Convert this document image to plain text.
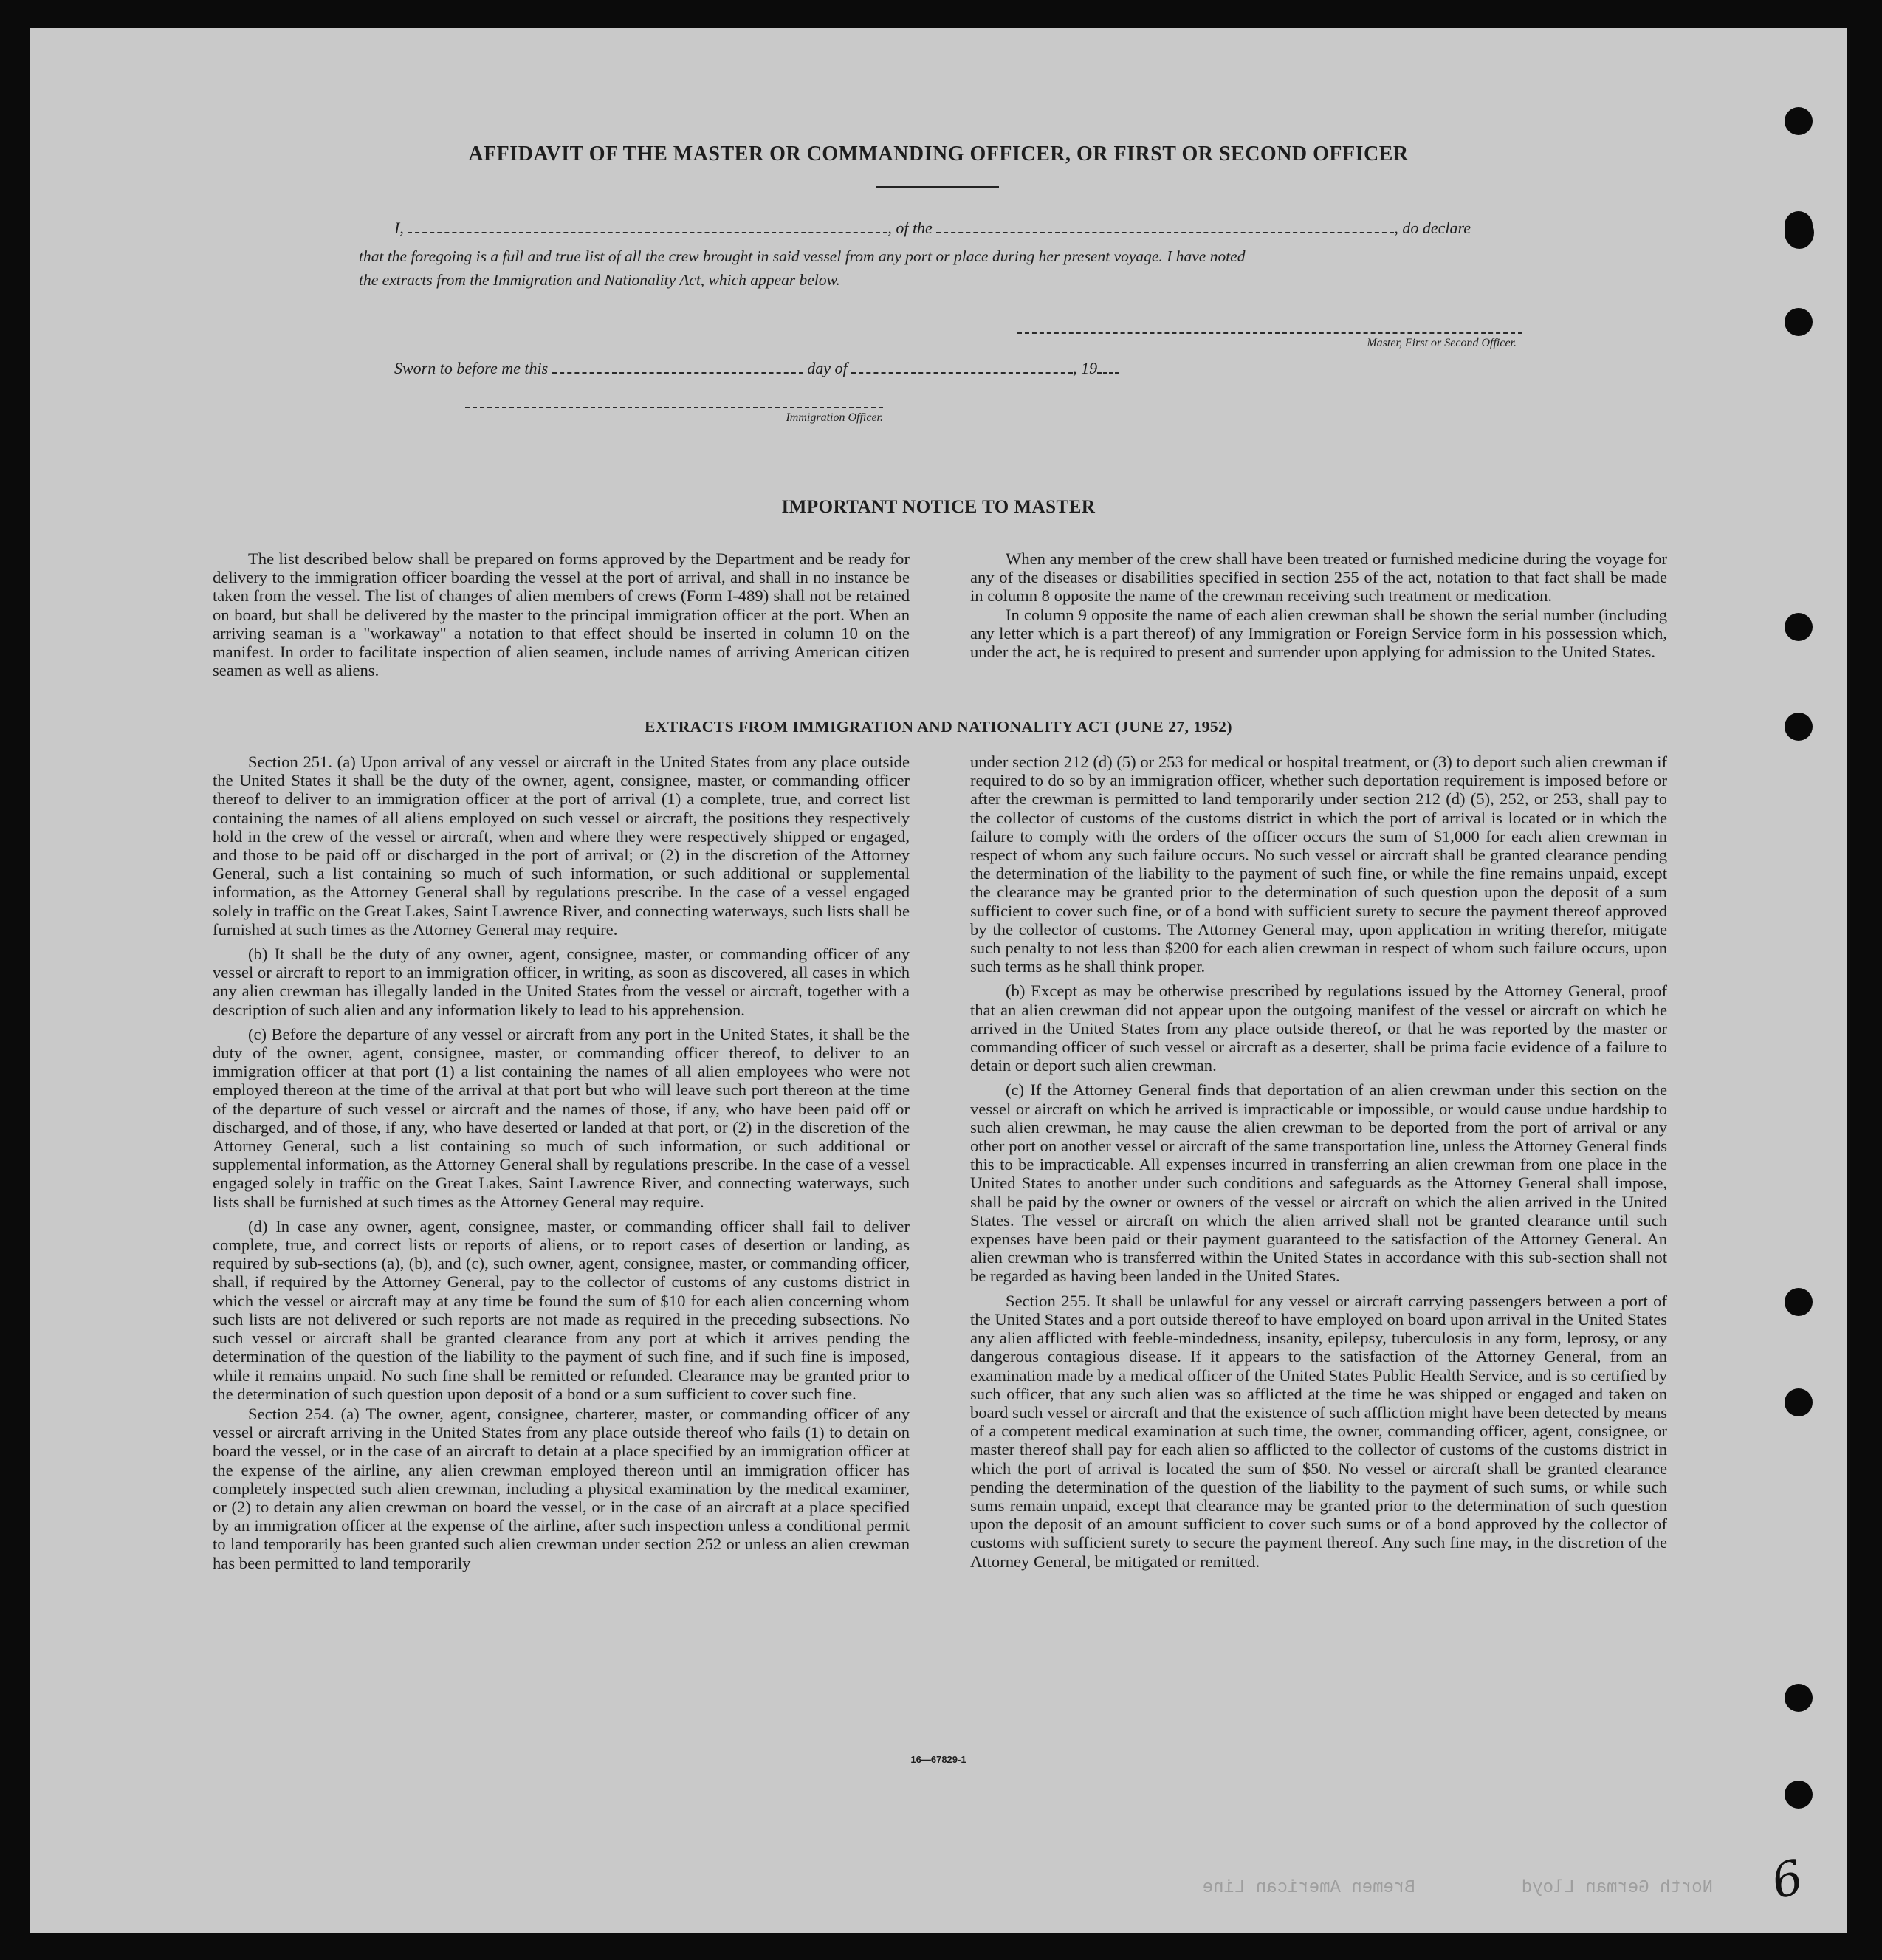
AFFIDAVIT OF THE MASTER OR COMMANDING OFFICER, OR FIRST OR SECOND OFFICER
I,	, of the	, do declare
that the foregoing is a full and true list of all the crew brought in said vessel from any port or place during her present voyage. I have noted
the extracts from the Immigration and Nationality Act, which appear below.
Master, First or Second Officer.
Sworn to before me this	day of	, 19
Immigration Officer.
IMPORTANT NOTICE TO MASTER

The list described below shall be prepared on forms approved by the Department and be ready for delivery to the immigration officer boarding the vessel at the port of arrival, and shall in no instance be taken from the vessel. The list of changes of alien members of crews (Form I-489) shall not be retained on board, but shall be delivered by the master to the principal immigration officer at the port. When an arriving seaman is a "workaway" a notation to that effect should be inserted in column 10 on the manifest. In order to facilitate inspection of alien seamen, include names of arriving American citizen seamen as well as aliens.

When any member of the crew shall have been treated or furnished medicine during the voyage for any of the diseases or disabilities specified in section 255 of the act, notation to that fact shall be made in column 8 opposite the name of the crewman receiving such treatment or medication.

In column 9 opposite the name of each alien crewman shall be shown the serial number (including any letter which is a part thereof) of any Immigration or Foreign Service form in his possession which, under the act, he is required to present and surrender upon applying for admission to the United States.

EXTRACTS FROM IMMIGRATION AND NATIONALITY ACT (JUNE 27, 1952)

Section 251. (a) Upon arrival of any vessel or aircraft in the United States from any place outside the United States it shall be the duty of the owner, agent, consignee, master, or commanding officer thereof to deliver to an immigration officer at the port of arrival (1) a complete, true, and correct list containing the names of all aliens employed on such vessel or aircraft, the positions they respectively hold in the crew of the vessel or aircraft, when and where they were respectively shipped or engaged, and those to be paid off or discharged in the port of arrival; or (2) in the discretion of the Attorney General, such a list containing so much of such information, or such additional or supplemental information, as the Attorney General shall by regulations prescribe. In the case of a vessel engaged solely in traffic on the Great Lakes, Saint Lawrence River, and connecting waterways, such lists shall be furnished at such times as the Attorney General may require.

(b) It shall be the duty of any owner, agent, consignee, master, or commanding officer of any vessel or aircraft to report to an immigration officer, in writing, as soon as discovered, all cases in which any alien crewman has illegally landed in the United States from the vessel or aircraft, together with a description of such alien and any information likely to lead to his apprehension.

(c) Before the departure of any vessel or aircraft from any port in the United States, it shall be the duty of the owner, agent, consignee, master, or commanding officer thereof, to deliver to an immigration officer at that port (1) a list containing the names of all alien employees who were not employed thereon at the time of the arrival at that port but who will leave such port thereon at the time of the departure of such vessel or aircraft and the names of those, if any, who have been paid off or discharged, and of those, if any, who have deserted or landed at that port, or (2) in the discretion of the Attorney General, such a list containing so much of such information, or such additional or supplemental information, as the Attorney General shall by regulations prescribe. In the case of a vessel engaged solely in traffic on the Great Lakes, Saint Lawrence River, and connecting waterways, such lists shall be furnished at such times as the Attorney General may require.

(d) In case any owner, agent, consignee, master, or commanding officer shall fail to deliver complete, true, and correct lists or reports of aliens, or to report cases of desertion or landing, as required by sub-sections (a), (b), and (c), such owner, agent, consignee, master, or commanding officer, shall, if required by the Attorney General, pay to the collector of customs of any customs district in which the vessel or aircraft may at any time be found the sum of $10 for each alien concerning whom such lists are not delivered or such reports are not made as required in the preceding subsections. No such vessel or aircraft shall be granted clearance from any port at which it arrives pending the determination of the question of the liability to the payment of such fine, and if such fine is imposed, while it remains unpaid. No such fine shall be remitted or refunded. Clearance may be granted prior to the determination of such question upon deposit of a bond or a sum sufficient to cover such fine.

Section 254. (a) The owner, agent, consignee, charterer, master, or commanding officer of any vessel or aircraft arriving in the United States from any place outside thereof who fails (1) to detain on board the vessel, or in the case of an aircraft to detain at a place specified by an immigration officer at the expense of the airline, any alien crewman employed thereon until an immigration officer has completely inspected such alien crewman, including a physical examination by the medical examiner, or (2) to detain any alien crewman on board the vessel, or in the case of an aircraft at a place specified by an immigration officer at the expense of the airline, after such inspection unless a conditional permit to land temporarily has been granted such alien crewman under section 252 or unless an alien crewman has been permitted to land temporarily

under section 212 (d) (5) or 253 for medical or hospital treatment, or (3) to deport such alien crewman if required to do so by an immigration officer, whether such deportation requirement is imposed before or after the crewman is permitted to land temporarily under section 212 (d) (5), 252, or 253, shall pay to the collector of customs of the customs district in which the port of arrival is located or in which the failure to comply with the orders of the officer occurs the sum of $1,000 for each alien crewman in respect of whom any such failure occurs. No such vessel or aircraft shall be granted clearance pending the determination of the liability to the payment of such fine, or while the fine remains unpaid, except the clearance may be granted prior to the determination of such question upon the deposit of a sum sufficient to cover such fine, or of a bond with sufficient surety to secure the payment thereof approved by the collector of customs. The Attorney General may, upon application in writing therefor, mitigate such penalty to not less than $200 for each alien crewman in respect of whom such failure occurs, upon such terms as he shall think proper.

(b) Except as may be otherwise prescribed by regulations issued by the Attorney General, proof that an alien crewman did not appear upon the outgoing manifest of the vessel or aircraft on which he arrived in the United States from any place outside thereof, or that he was reported by the master or commanding officer of such vessel or aircraft as a deserter, shall be prima facie evidence of a failure to detain or deport such alien crewman.

(c) If the Attorney General finds that deportation of an alien crewman under this section on the vessel or aircraft on which he arrived is impracticable or impossible, or would cause undue hardship to such alien crewman, he may cause the alien crewman to be deported from the port of arrival or any other port on another vessel or aircraft of the same transportation line, unless the Attorney General finds this to be impracticable. All expenses incurred in transferring an alien crewman from one place in the United States to another under such conditions and safeguards as the Attorney General shall impose, shall be paid by the owner or owners of the vessel or aircraft on which the alien arrived in the United States. The vessel or aircraft on which the alien arrived shall not be granted clearance until such expenses have been paid or their payment guaranteed to the satisfaction of the Attorney General. An alien crewman who is transferred within the United States in accordance with this sub-section shall not be regarded as having been landed in the United States.

Section 255. It shall be unlawful for any vessel or aircraft carrying passengers between a port of the United States and a port outside thereof to have employed on board upon arrival in the United States any alien afflicted with feeble-mindedness, insanity, epilepsy, tuberculosis in any form, leprosy, or any dangerous contagious disease. If it appears to the satisfaction of the Attorney General, from an examination made by a medical officer of the United States Public Health Service, and is so certified by such officer, that any such alien was so afflicted at the time he was shipped or engaged and taken on board such vessel or aircraft and that the existence of such affliction might have been detected by means of a competent medical examination at such time, the owner, commanding officer, agent, consignee, or master thereof shall pay for each alien so afflicted to the collector of customs of the customs district in which the port of arrival is located the sum of $50. No vessel or aircraft shall be granted clearance pending the determination of the question of the liability to the payment of such sums, or while such sums remain unpaid, except that clearance may be granted prior to the determination of such question upon the deposit of an amount sufficient to cover such sums or of a bond approved by the collector of customs with sufficient surety to secure the payment thereof. Any such fine may, in the discretion of the Attorney General, be mitigated or remitted.

16—67829-1
North German Lloyd          Bremen American Line 6
